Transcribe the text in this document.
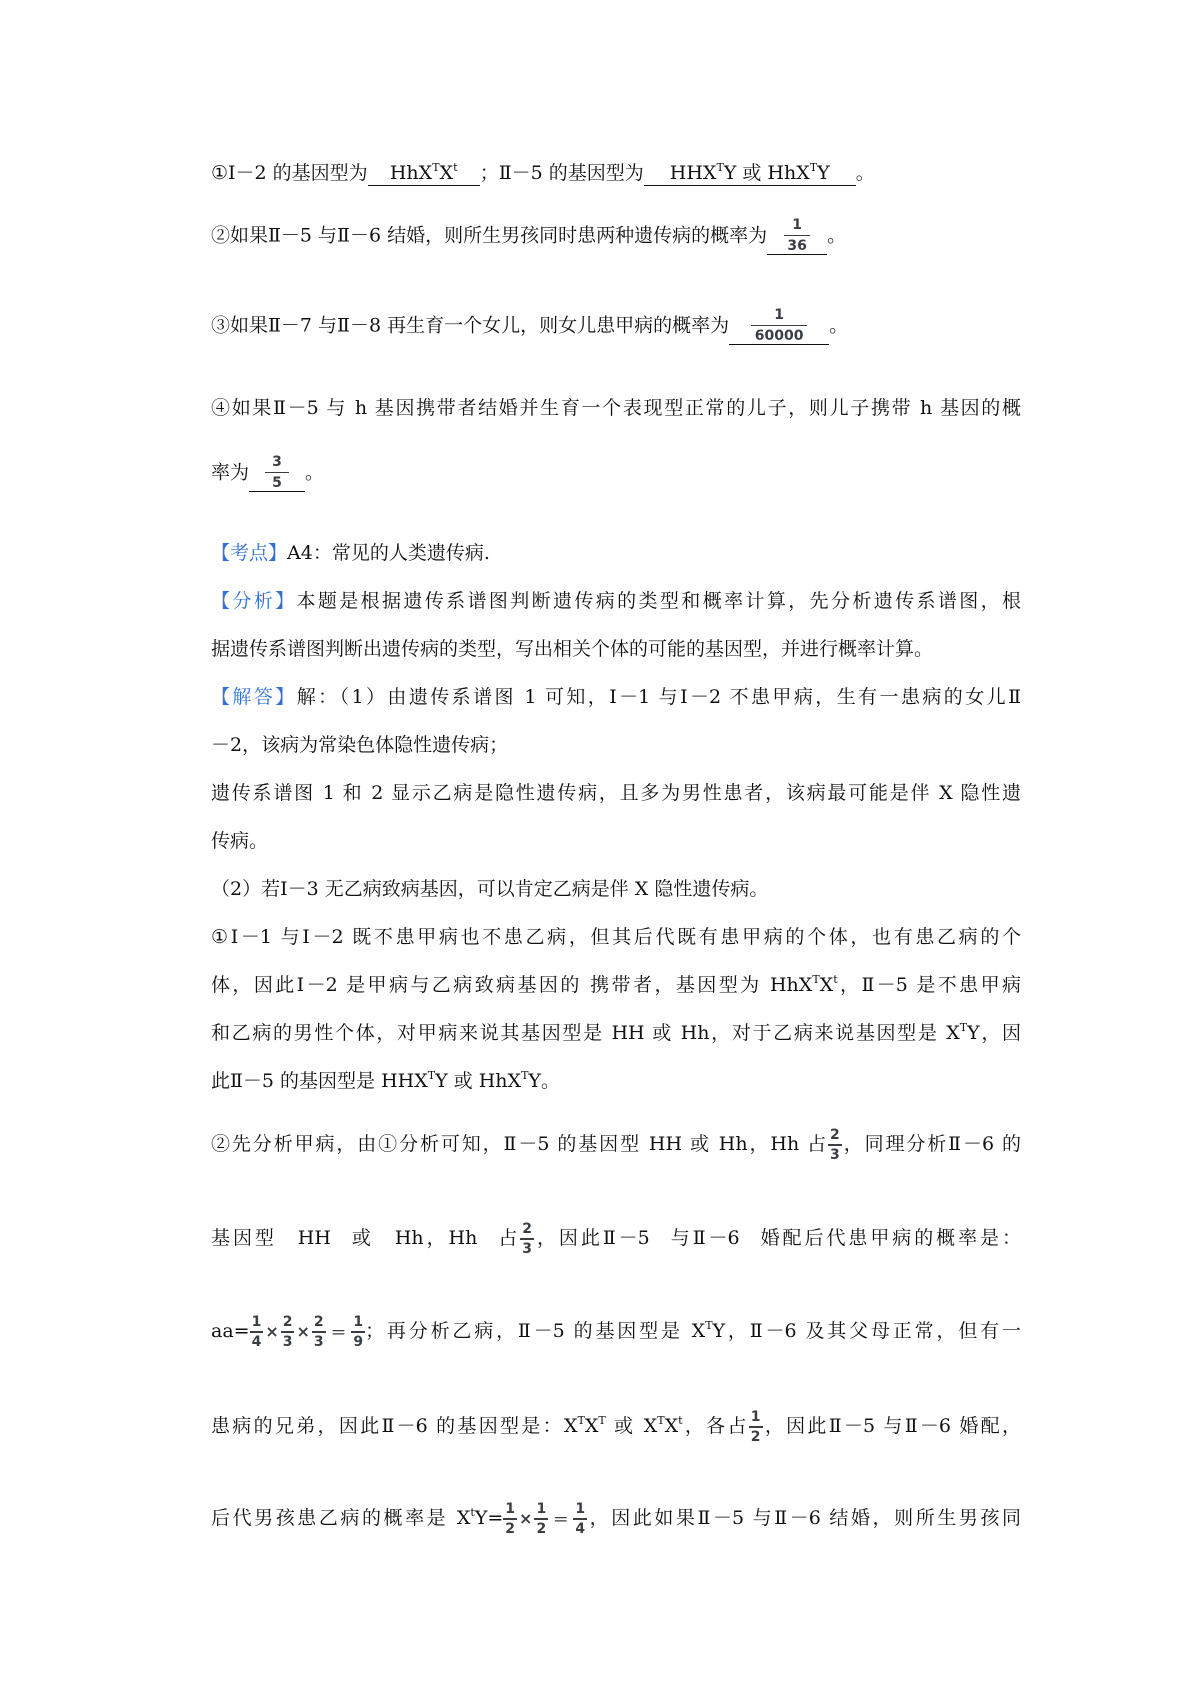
①Ⅰ－2 的基因型为 $HhX^TX^t$ ；Ⅱ－5 的基因型为 $HHX^TY$ 或 HhX$^T$Y 。
②如果Ⅱ－5 与Ⅱ－6 结婚，则所生男孩同时患两种遗传病的概率为 $\frac{1}{36}$ 。
③如果Ⅱ－7 与Ⅱ－8 再生育一个女儿，则女儿患甲病的概率为 $\frac{1}{60000}$ 。
④如果Ⅱ－5 与 h 基因携带者结婚并生育一个表现型正常的儿子，则儿子携带 h 基因的概
率为 $\frac{3}{5}$ 。
【考点】A4：常见的人类遗传病.
【分析】本题是根据遗传系谱图判断遗传病的类型和概率计算，先分析遗传系谱图，根
据遗传系谱图判断出遗传病的类型，写出相关个体的可能的基因型，并进行概率计算。
【解答】解：（1）由遗传系谱图 1 可知，Ⅰ－1 与Ⅰ－2 不患甲病，生有一患病的女儿Ⅱ
－2，该病为常染色体隐性遗传病；
遗传系谱图 1 和 2 显示乙病是隐性遗传病，且多为男性患者，该病最可能是伴 X 隐性遗
传病。
（2）若Ⅰ－3 无乙病致病基因，可以肯定乙病是伴 X 隐性遗传病。
①Ⅰ－1 与Ⅰ－2 既不患甲病也不患乙病，但其后代既有患甲病的个体，也有患乙病的个
体，因此Ⅰ－2 是甲病与乙病致病基因的 携带者，基因型为 $HhX^TX^t$，Ⅱ－5 是不患甲病
和乙病的男性个体，对甲病来说其基因型是 HH 或 Hh，对于乙病来说基因型是 $X^TY$，因
此Ⅱ－5 的基因型是 $HHX^TY$ 或 HhX$^T$Y。
②先分析甲病，由①分析可知，Ⅱ－5 的基因型 HH 或 Hh，Hh 占 $\frac{2}{3}$ ，同理分析Ⅱ－6 的
基因型 HH 或 Hh，Hh 占 $\frac{2}{3}$ ，因此Ⅱ－5 与Ⅱ－6 婚配后代患甲病的概率是：
$aa= \frac{1}{4} \times \frac{2}{3} \times \frac{2}{3} = \frac{1}{9}$ ；再分析乙病，Ⅱ－5 的基因型是 $X^TY$，Ⅱ－6 及其父母正常，但有一
患病的兄弟，因此Ⅱ－6 的基因型是：$X^TX^T$ 或 $X^TX^t$，各占 $\frac{1}{2}$ ，因此Ⅱ－5 与Ⅱ－6 婚配，
后代男孩患乙病的概率是 $X^tY= \frac{1}{2} \times \frac{1}{2} = \frac{1}{4}$ ，因此如果Ⅱ－5 与Ⅱ－6 结婚，则所生男孩同
